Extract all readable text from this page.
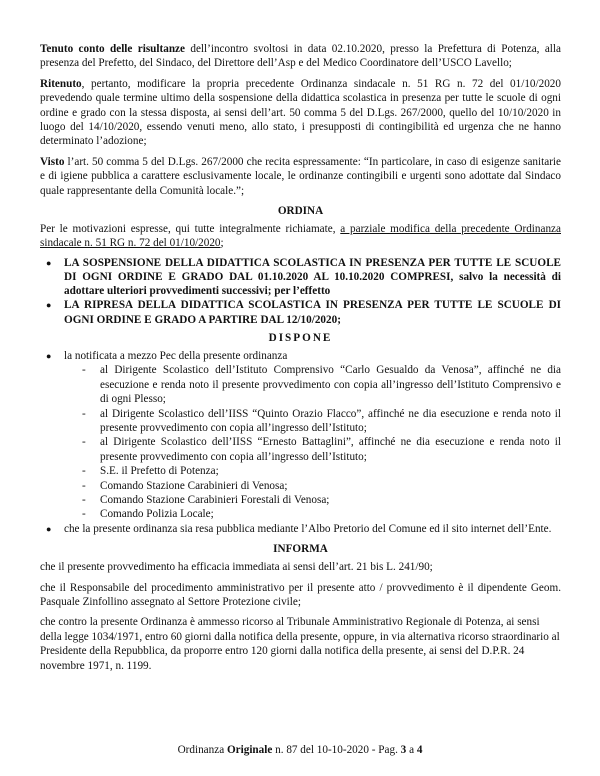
Tenuto conto delle risultanze dell’incontro svoltosi in data 02.10.2020, presso la Prefettura di Potenza, alla presenza del Prefetto, del Sindaco, del Direttore dell’Asp e del Medico Coordinatore dell’USCO Lavello;

Ritenuto, pertanto, modificare la propria precedente Ordinanza sindacale n. 51 RG n. 72 del 01/10/2020 prevedendo quale termine ultimo della sospensione della didattica scolastica in presenza per tutte le scuole di ogni ordine e grado con la stessa disposta, ai sensi dell’art. 50 comma 5 del D.Lgs. 267/2000, quello del 10/10/2020 in luogo del 14/10/2020, essendo venuti meno, allo stato, i presupposti di contingibilità ed urgenza che ne hanno determinato l’adozione;

Visto l’art. 50 comma 5 del D.Lgs. 267/2000 che recita espressamente: “In particolare, in caso di esigenze sanitarie e di igiene pubblica a carattere esclusivamente locale, le ordinanze contingibili e urgenti sono adottate dal Sindaco quale rappresentante della Comunità locale.”;

ORDINA

Per le motivazioni espresse, qui tutte integralmente richiamate, a parziale modifica della precedente Ordinanza sindacale n. 51 RG n. 72 del 01/10/2020;

● LA SOSPENSIONE DELLA DIDATTICA SCOLASTICA IN PRESENZA PER TUTTE LE SCUOLE DI OGNI ORDINE E GRADO DAL 01.10.2020 AL 10.10.2020 COMPRESI, salvo la necessità di adottare ulteriori provvedimenti successivi; per l’effetto
● LA RIPRESA DELLA DIDATTICA SCOLASTICA IN PRESENZA PER TUTTE LE SCUOLE DI OGNI ORDINE E GRADO A PARTIRE DAL 12/10/2020;
DISPONE
● la notificata a mezzo Pec della presente ordinanza
- al Dirigente Scolastico dell’Istituto Comprensivo “Carlo Gesualdo da Venosa”, affinché ne dia esecuzione e renda noto il presente provvedimento con copia all’ingresso dell’Istituto Comprensivo e di ogni Plesso;
- al Dirigente Scolastico dell’IISS “Quinto Orazio Flacco”, affinché ne dia esecuzione e renda noto il presente provvedimento con copia all’ingresso dell’Istituto;
- al Dirigente Scolastico dell’IISS “Ernesto Battaglini”, affinché ne dia esecuzione e renda noto il presente provvedimento con copia all’ingresso dell’Istituto;
- S.E. il Prefetto di Potenza;
- Comando Stazione Carabinieri di Venosa;
- Comando Stazione Carabinieri Forestali di Venosa;
- Comando Polizia Locale;
● che la presente ordinanza sia resa pubblica mediante l’Albo Pretorio del Comune ed il sito internet dell’Ente.
INFORMA

che il presente provvedimento ha efficacia immediata ai sensi dell’art. 21 bis L. 241/90;

che il Responsabile del procedimento amministrativo per il presente atto / provvedimento è il dipendente Geom. Pasquale Zinfollino assegnato al Settore Protezione civile;

che contro la presente Ordinanza è ammesso ricorso al Tribunale Amministrativo Regionale di Potenza, ai sensi della legge 1034/1971, entro 60 giorni dalla notifica della presente, oppure, in via alternativa ricorso straordinario al Presidente della Repubblica, da proporre entro 120 giorni dalla notifica della presente, ai sensi del D.P.R. 24 novembre 1971, n. 1199.

Ordinanza Originale n. 87 del 10-10-2020 - Pag. 3 a 4
